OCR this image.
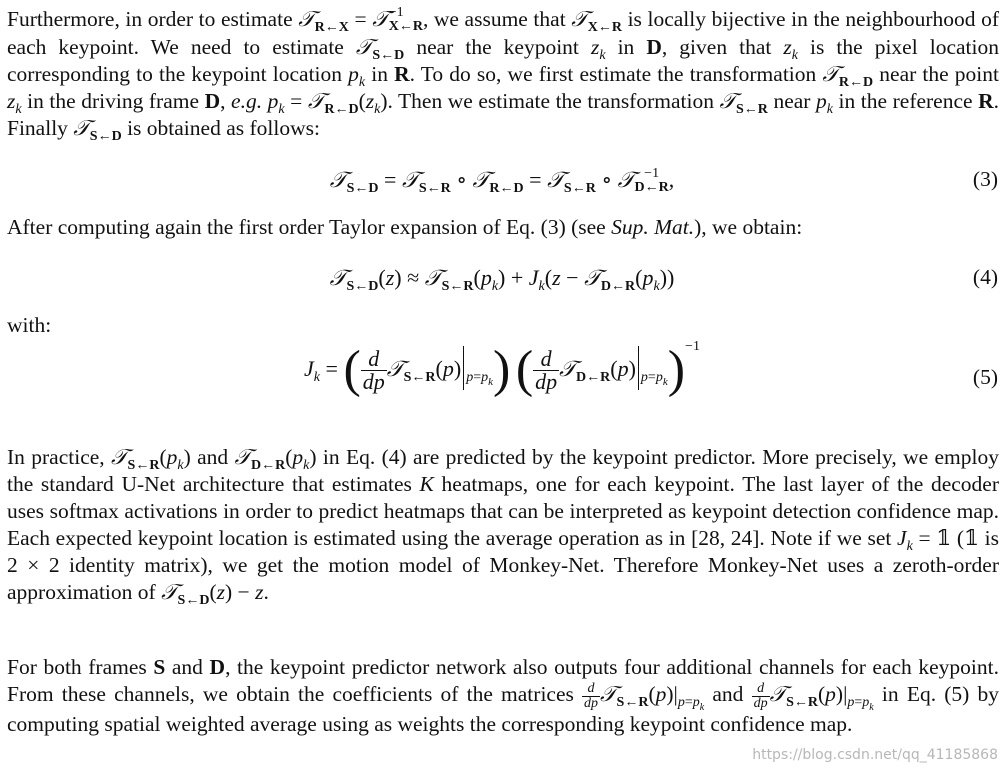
Furthermore, in order to estimate 𝒯$_{R\leftarrow X}$ = 𝒯 −1
X←R , we assume that 𝒯$_{X\leftarrow R}$ is locally bijective in the neighbourhood of each keypoint. We need to estimate 𝒯$_{S\leftarrow D}$ near the keypoint $z_k$ in D, given that $z_k$ is the pixel location corresponding to the keypoint location $p_k$ in R. To do so, we first estimate the transformation 𝒯$_{R\leftarrow D}$ near the point $z_k$ in the driving frame D, e.g. $p_k$ = $𝒯_{R\leftarrow D}(z_k)$. Then we estimate the transformation 𝒯$_{S\leftarrow R}$ near $p_k$ in the reference R. Finally 𝒯$_{S\leftarrow D}$ is obtained as follows:

𝒯$_{S\leftarrow D}$ = 𝒯$_{S\leftarrow R}$ ∘ 𝒯$_{R\leftarrow D}$ = 𝒯$_{S\leftarrow R}$ ∘ 𝒯 −1
D←R ,	(3)

After computing again the first order Taylor expansion of Eq. (3) (see Sup. Mat.), we obtain:

𝒯$_{S\leftarrow D}$(z) ≈ $𝒯_{S\leftarrow R}(p_k) + J_k(z$ − $𝒯_{D\leftarrow R}(p_k)$)	(4)

with:

$J_k$ = ( $\frac{d}{dp}$ 𝒯$_{S\leftarrow R}$(p) $_{p=p_k}$) ( $\frac{d}{dp}$ 𝒯$_{D\leftarrow R}$(p) $_{p=p_k}$)$^{-1}$
(5)

In practice, $𝒯_{S\leftarrow R}(p_k)$ and $𝒯_{D\leftarrow R}(p_k)$ in Eq. (4) are predicted by the keypoint predictor. More precisely, we employ the standard U-Net architecture that estimates K heatmaps, one for each keypoint. The last layer of the decoder uses softmax activations in order to predict heatmaps that can be interpreted as keypoint detection confidence map. Each expected keypoint location is estimated using the average operation as in [28, 24]. Note if we set $J_k$ = 𝟙 (𝟙 is 2 × 2 identity matrix), we get the motion model of Monkey-Net. Therefore Monkey-Net uses a zeroth-order approximation of 𝒯$_{S\leftarrow D}$(z) − z.

For both frames S and D, the keypoint predictor network also outputs four additional channels for each keypoint. From these channels, we obtain the coefficients of the matrices $\frac{d}{dp}$ $𝒯_{S\leftarrow R}(p)|_{p=p_k}$ and $\frac{d}{dp}$ $𝒯_{S\leftarrow R}(p)|_{p=p_k}$ in Eq. (5) by computing spatial weighted average using as weights the corresponding keypoint confidence map.

https://blog.csdn.net/qq_41185868
